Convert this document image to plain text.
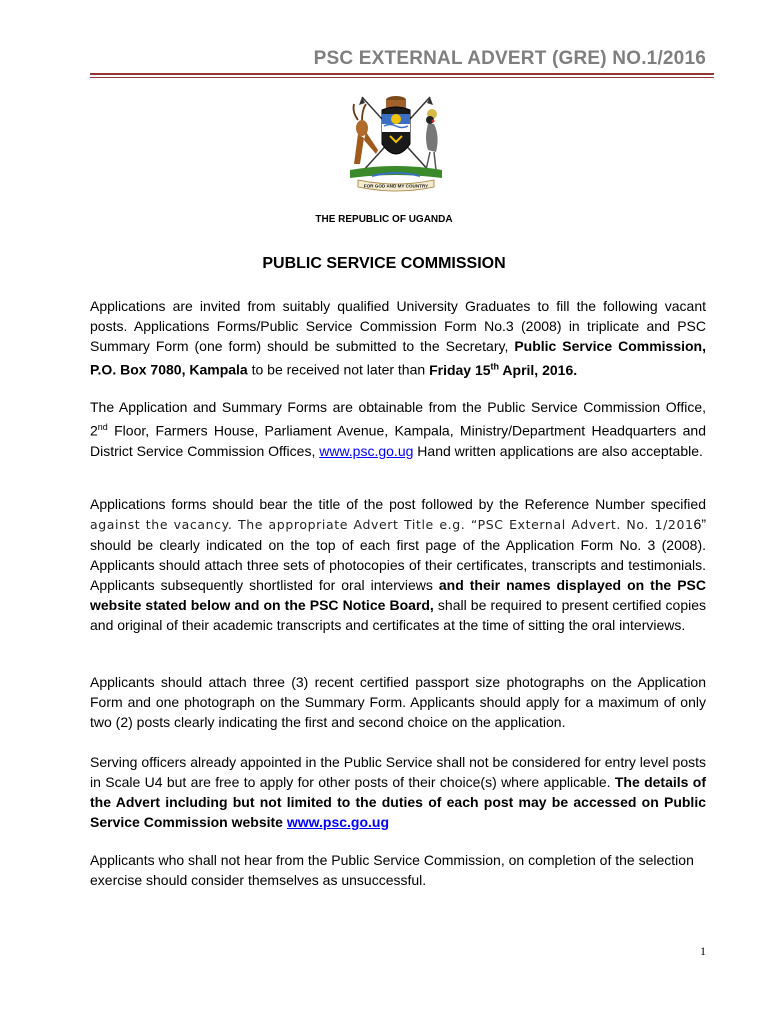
PSC EXTERNAL ADVERT (GRE) NO.1/2016
FOR GOD AND MY COUNTRY
THE REPUBLIC OF UGANDA
PUBLIC SERVICE COMMISSION

Applications are invited from suitably qualified University Graduates to fill the following vacant posts. Applications Forms/Public Service Commission Form No.3 (2008) in triplicate and PSC Summary Form (one form) should be submitted to the Secretary, Public Service Commission, P.O. Box 7080, Kampala to be received not later than Friday 15th April, 2016.

The Application and Summary Forms are obtainable from the Public Service Commission Office, 2nd Floor, Farmers House, Parliament Avenue, Kampala, Ministry/Department Headquarters and District Service Commission Offices, www.psc.go.ug Hand written applications are also acceptable.

Applications forms should bear the title of the post followed by the Reference Number specified against the vacancy. The appropriate Advert Title e.g. “PSC External Advert. No. 1/2016” should be clearly indicated on the top of each first page of the Application Form No. 3 (2008). Applicants should attach three sets of photocopies of their certificates, transcripts and testimonials. Applicants subsequently shortlisted for oral interviews and their names displayed on the PSC website stated below and on the PSC Notice Board, shall be required to present certified copies and original of their academic transcripts and certificates at the time of sitting the oral interviews.

Applicants should attach three (3) recent certified passport size photographs on the Application Form and one photograph on the Summary Form. Applicants should apply for a maximum of only two (2) posts clearly indicating the first and second choice on the application.

Serving officers already appointed in the Public Service shall not be considered for entry level posts in Scale U4 but are free to apply for other posts of their choice(s) where applicable. The details of the Advert including but not limited to the duties of each post may be accessed on Public Service Commission website www.psc.go.ug

Applicants who shall not hear from the Public Service Commission, on completion of the selection exercise should consider themselves as unsuccessful.

1
